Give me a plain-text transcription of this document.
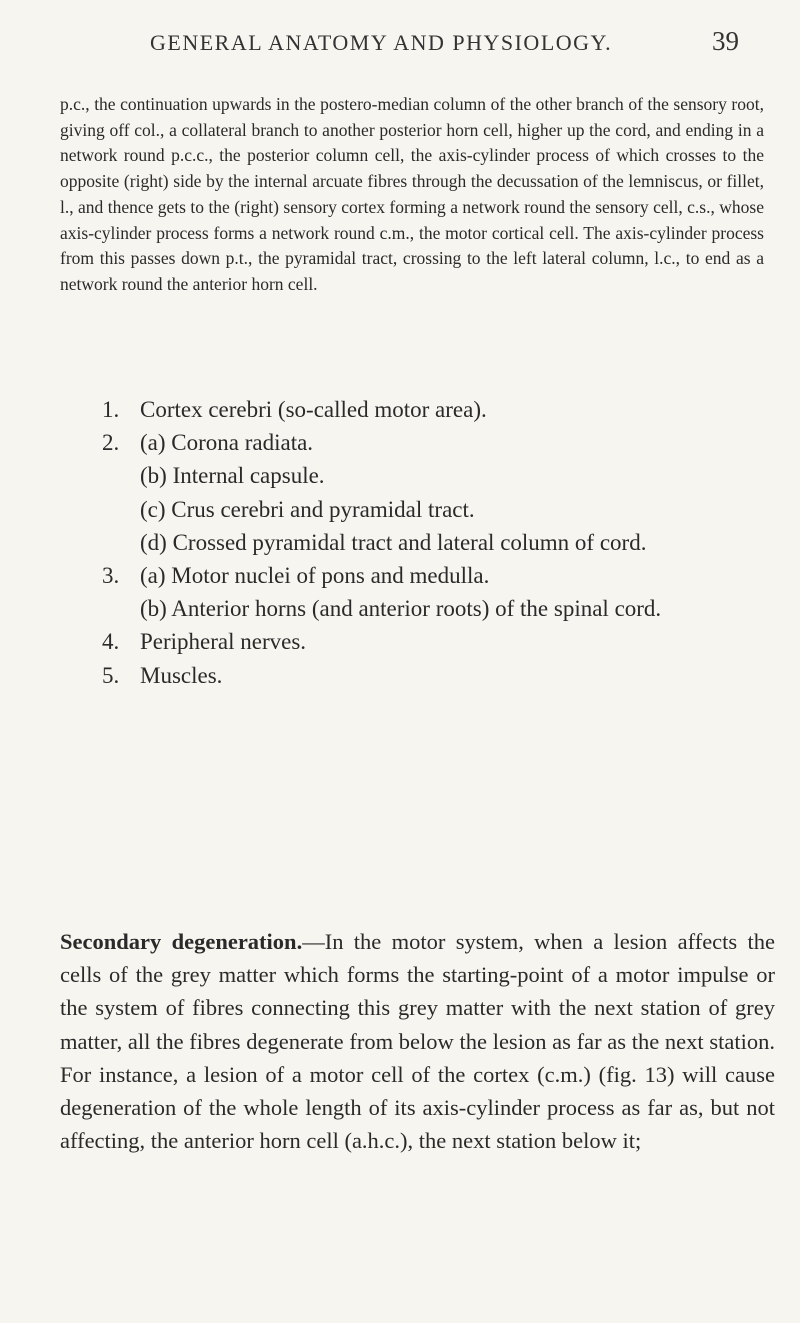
GENERAL ANATOMY AND PHYSIOLOGY.	39

p.c., the continuation upwards in the postero-median column of the other branch of the sensory root, giving off col., a collateral branch to another posterior horn cell, higher up the cord, and ending in a network round p.c.c., the posterior column cell, the axis-cylinder process of which crosses to the opposite (right) side by the internal arcuate fibres through the decussation of the lemniscus, or fillet, l., and thence gets to the (right) sensory cortex forming a network round the sensory cell, c.s., whose axis-cylinder process forms a network round c.m., the motor cortical cell. The axis-cylinder process from this passes down p.t., the pyramidal tract, crossing to the left lateral column, l.c., to end as a network round the anterior horn cell.

1. Cortex cerebri (so-called motor area).
2. (a) Corona radiata.
(b) Internal capsule.
(c) Crus cerebri and pyramidal tract.
(d) Crossed pyramidal tract and lateral column of cord.
3. (a) Motor nuclei of pons and medulla.
(b) Anterior horns (and anterior roots) of the spinal cord.
4. Peripheral nerves.
5. Muscles.

Secondary degeneration.—In the motor system, when a lesion affects the cells of the grey matter which forms the starting-point of a motor impulse or the system of fibres connecting this grey matter with the next station of grey matter, all the fibres degenerate from below the lesion as far as the next station. For instance, a lesion of a motor cell of the cortex (c.m.) (fig. 13) will cause degeneration of the whole length of its axis-cylinder process as far as, but not affecting, the anterior horn cell (a.h.c.), the next station below it;
